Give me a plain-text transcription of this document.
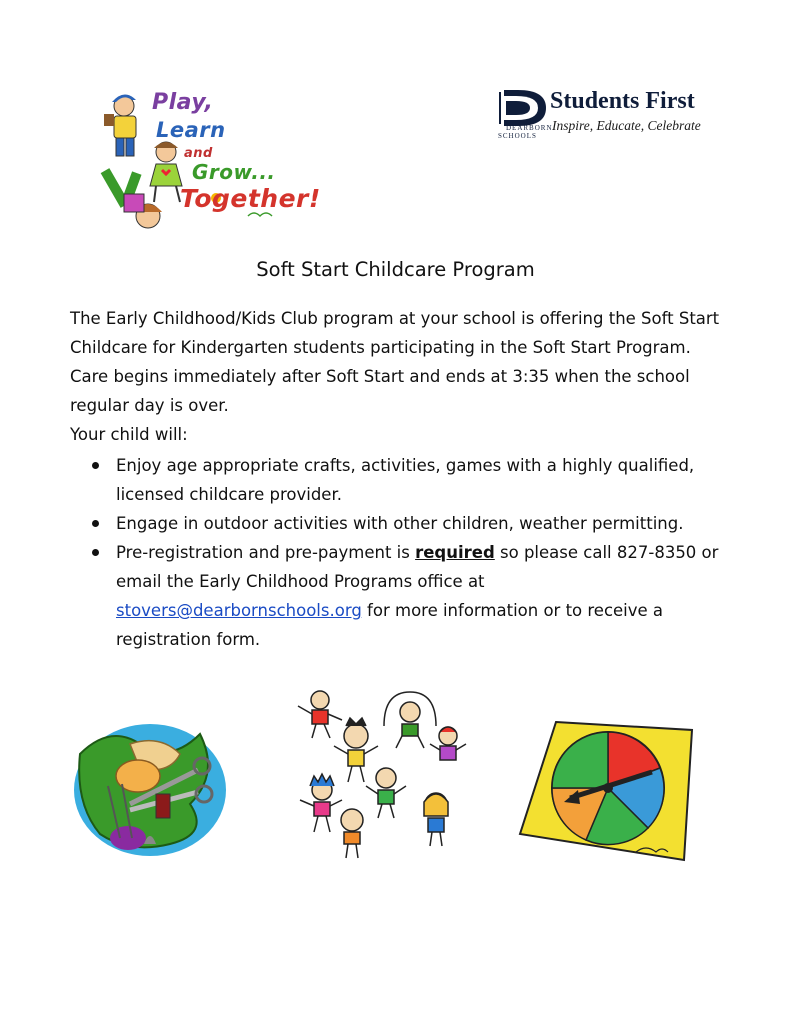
Play,
Learn
and
Grow...
Together!
Students First
Inspire, Educate, Celebrate
DEARBORN
SCHOOLS
Soft Start Childcare Program

The Early Childhood/Kids Club program at your school is offering the Soft Start Childcare for Kindergarten students participating in the Soft Start Program. Care begins immediately after Soft Start and ends at 3:35 when the school regular day is over.

Your child will:

Enjoy age appropriate crafts, activities, games with a highly qualified, licensed childcare provider.
Engage in outdoor activities with other children, weather permitting.
Pre-registration and pre-payment is required so please call 827-8350 or email the Early Childhood Programs office at stovers@dearbornschools.org for more information or to receive a registration form.
